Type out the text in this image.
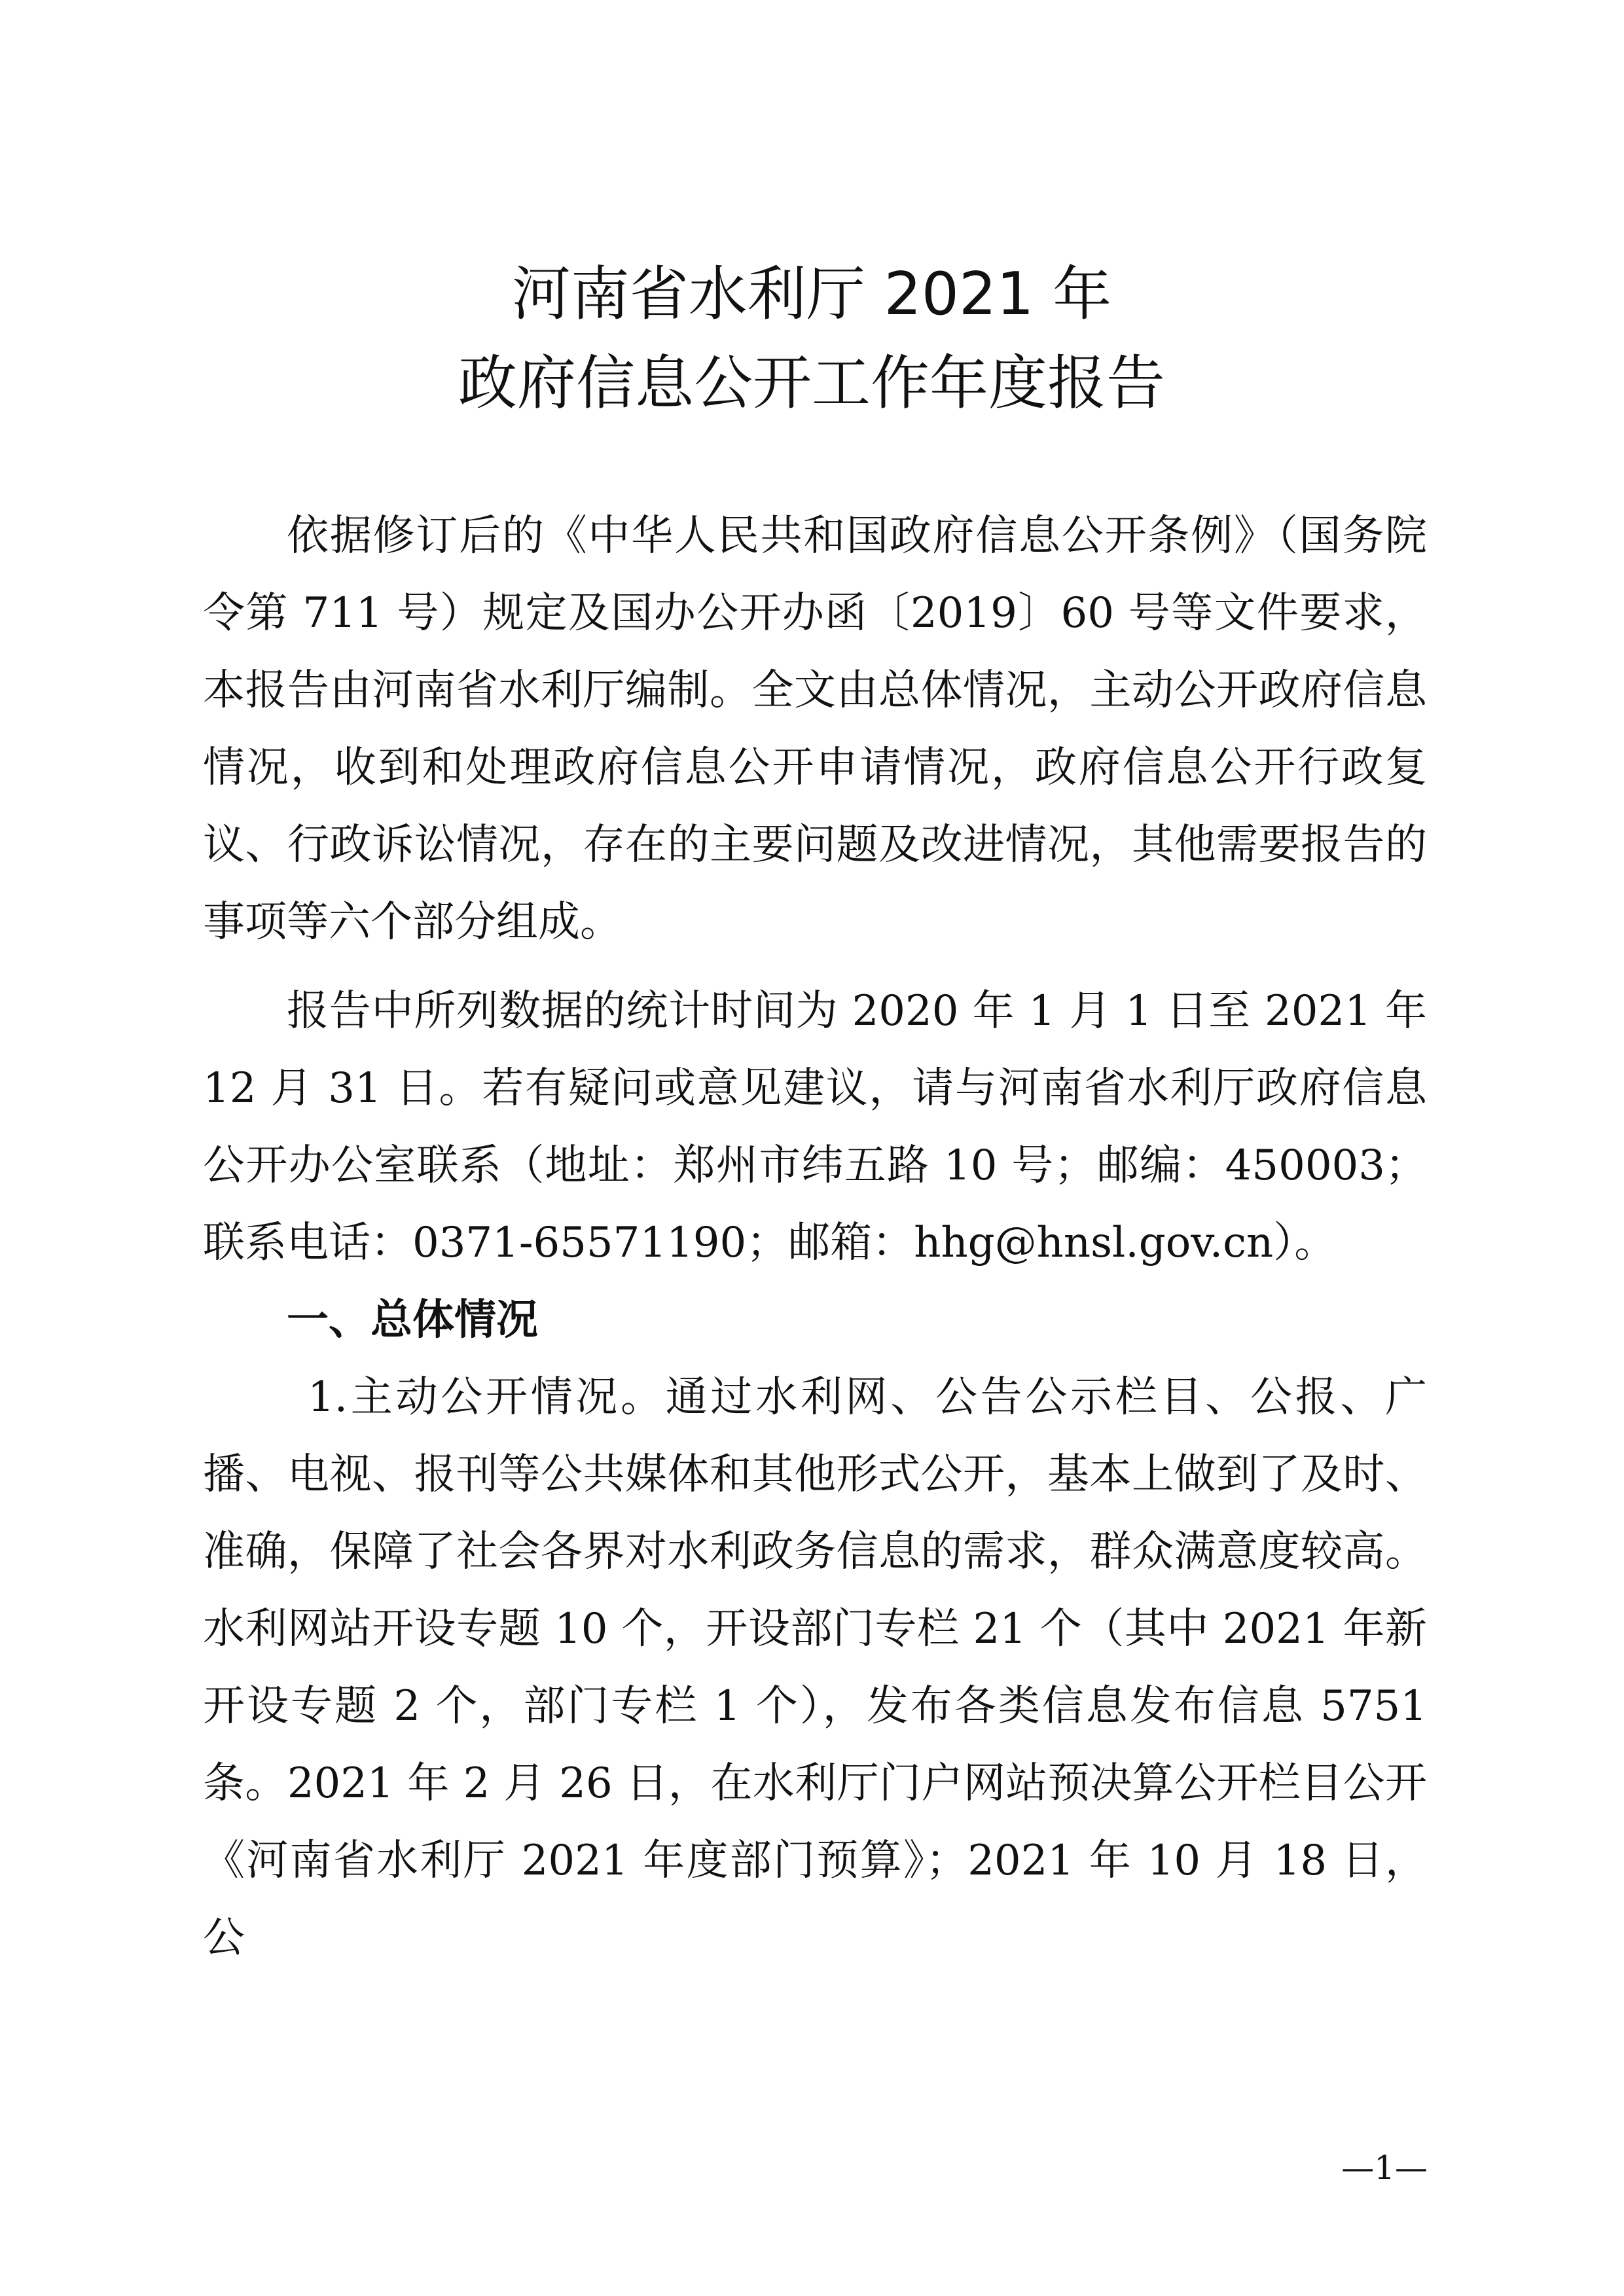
河南省水利厅 2021 年
政府信息公开工作年度报告

依据修订后的《中华人民共和国政府信息公开条例》（国务院令第 711 号）规定及国办公开办函〔2019〕60 号等文件要求，本报告由河南省水利厅编制。全文由总体情况，主动公开政府信息情况，收到和处理政府信息公开申请情况，政府信息公开行政复议、行政诉讼情况，存在的主要问题及改进情况，其他需要报告的事项等六个部分组成。

报告中所列数据的统计时间为 2020 年 1 月 1 日至 2021 年 12 月 31 日。若有疑问或意见建议，请与河南省水利厅政府信息公开办公室联系（地址：郑州市纬五路 10 号；邮编：450003；联系电话：0371-65571190；邮箱：hhg@hnsl.gov.cn）。

一、总体情况

1.主动公开情况。通过水利网、公告公示栏目、公报、广播、电视、报刊等公共媒体和其他形式公开，基本上做到了及时、准确，保障了社会各界对水利政务信息的需求，群众满意度较高。水利网站开设专题 10 个，开设部门专栏 21 个（其中 2021 年新开设专题 2 个，部门专栏 1 个），发布各类信息发布信息 5751 条。2021 年 2 月 26 日，在水利厅门户网站预决算公开栏目公开《河南省水利厅 2021 年度部门预算》；2021 年 10 月 18 日，公

—1—
